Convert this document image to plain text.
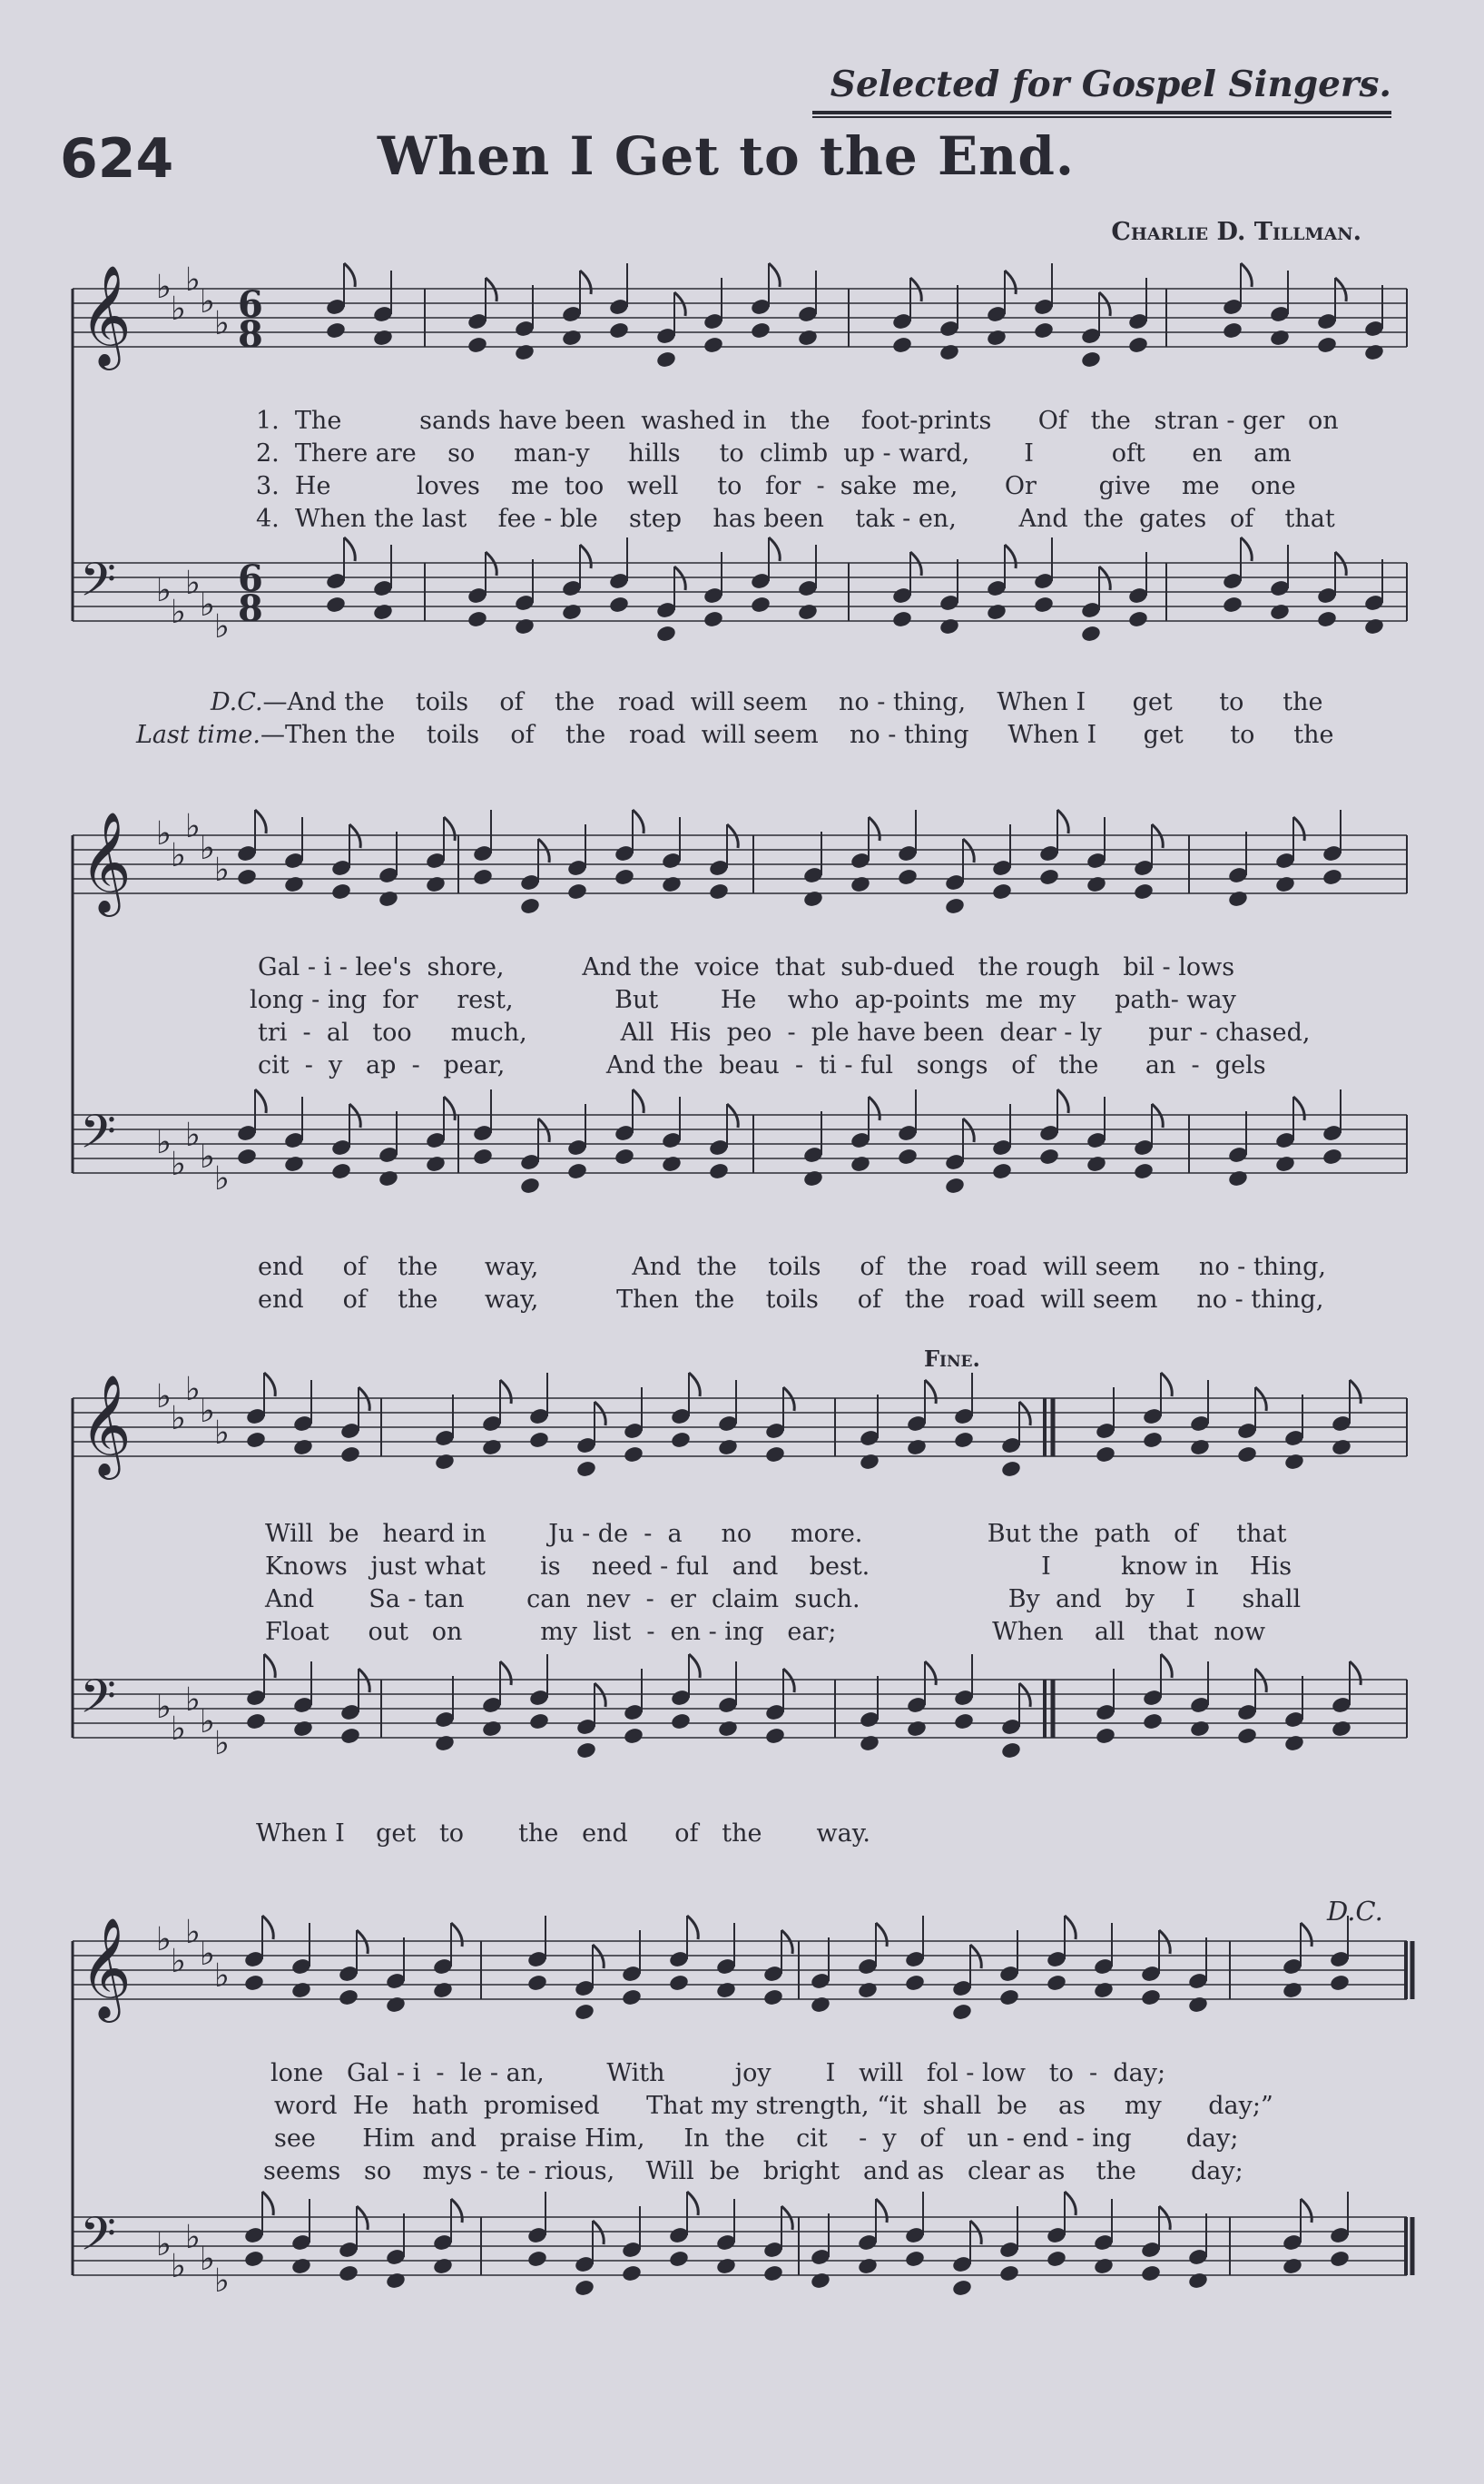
Selected for Gospel Singers.
624	When I Get to the End.
Charlie D. Tillman.
𝄞 ♭
♭
♭
♭
♭ 6
8
𝄢 ♭
♭
♭
♭
♭
6
8
𝄞 ♭
♭
♭
♭
♭
𝄢 ♭
♭
♭
♭
♭
𝄞 ♭
♭
♭
♭
♭
𝄢 ♭
♭
♭
♭
♭
𝄞 ♭
♭
♭
♭
♭
𝄢 ♭
♭
♭
♭
♭
1.  The          sands have been  washed in   the    foot-prints      Of   the   stran - ger   on
2.  There are    so     man-y     hills     to  climb  up - ward,       I          oft      en    am
3.  He           loves    me  too   well     to   for  -  sake  me,      Or        give    me    one
4.  When the last    fee - ble    step    has been    tak - en,        And  the  gates   of    that
D.C.—And the    toils    of    the   road  will seem    no - thing,    When I      get      to     the
Last time.—Then the    toils    of    the   road  will seem    no - thing     When I      get      to     the
Gal - i - lee's  shore,          And the  voice  that  sub-dued   the rough   bil - lows
long - ing  for     rest,             But        He    who  ap-points  me  my     path- way
tri  -  al   too     much,            All  His  peo  -  ple have been  dear - ly      pur - chased,
cit  -  y   ap  -   pear,             And the  beau  -  ti - ful   songs   of   the      an  -  gels
end     of    the      way,            And  the    toils     of   the   road  will seem     no - thing,
end     of    the      way,          Then  the    toils     of   the   road  will seem     no - thing,
Fine.
Will  be   heard in        Ju - de  -  a     no     more.                But the  path   of     that
Knows   just what       is    need - ful   and    best.                      I         know in    His
And       Sa - tan        can  nev  -  er  claim  such.                   By  and   by    I      shall
Float     out   on          my  list  -  en - ing   ear;                    When    all   that  now
When I    get   to       the   end      of   the       way.
D.C.
lone   Gal - i  -  le - an,        With         joy       I   will   fol - low   to  -  day;
word  He   hath  promised      That my strength, “it  shall  be    as     my      day;”
see      Him  and   praise Him,     In  the    cit    -  y   of   un - end - ing       day;
seems   so    mys - te - rious,    Will  be   bright   and as   clear as    the       day;
